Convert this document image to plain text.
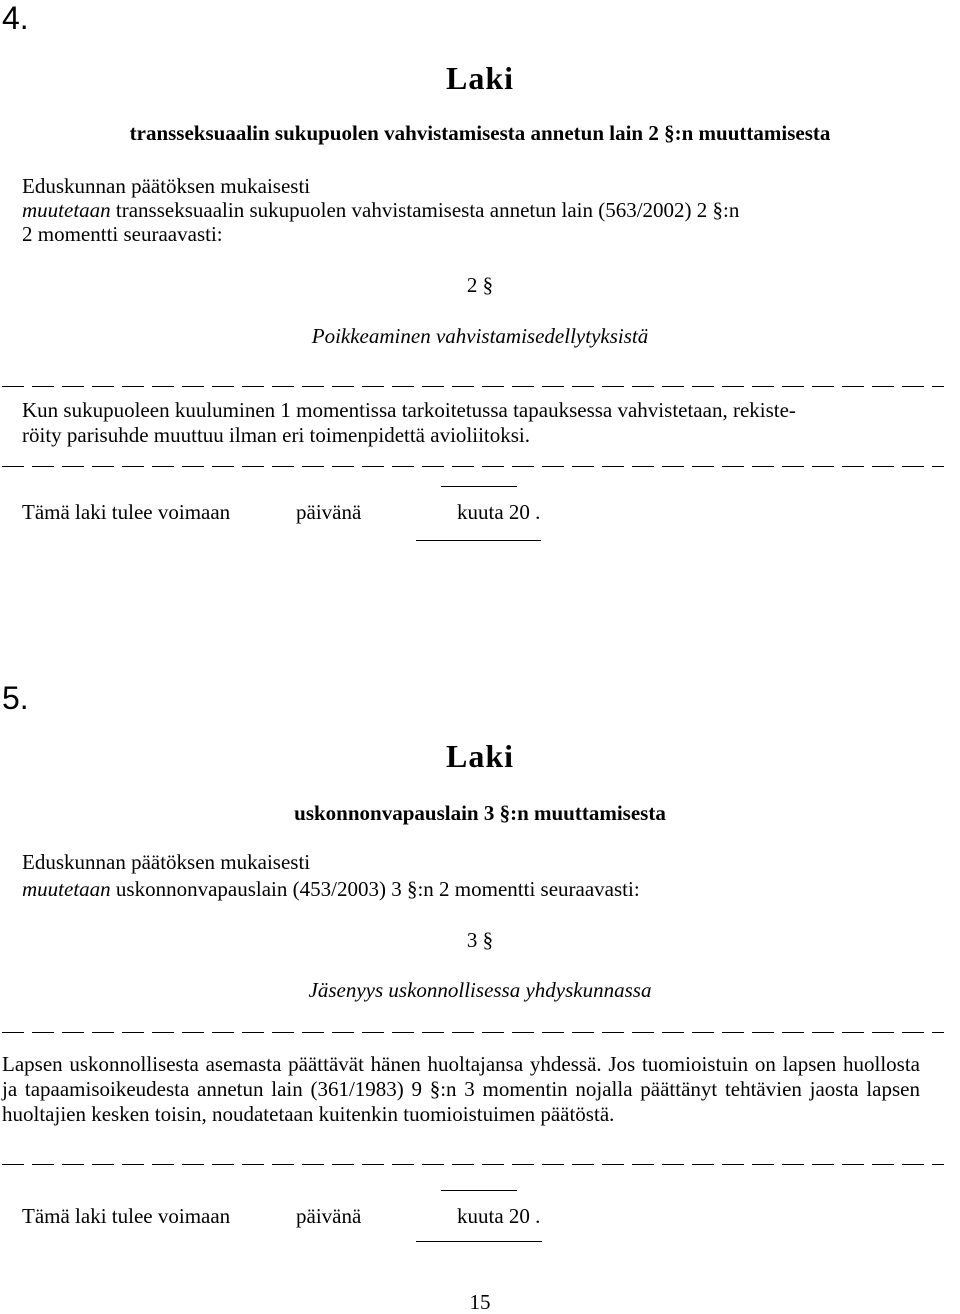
4.
Laki
transseksuaalin sukupuolen vahvistamisesta annetun lain 2 §:n muuttamisesta
Eduskunnan päätöksen mukaisesti
muutetaan transseksuaalin sukupuolen vahvistamisesta annetun lain (563/2002) 2 §:n
2 momentti seuraavasti:
2 §
Poikkeaminen vahvistamisedellytyksistä
Kun sukupuoleen kuuluminen 1 momentissa tarkoitetussa tapauksessa vahvistetaan, rekiste-
röity parisuhde muuttuu ilman eri toimenpidettä avioliitoksi.
Tämä laki tulee voimaan	päivänä	kuuta 20 .
5.
Laki
uskonnonvapauslain 3 §:n muuttamisesta
Eduskunnan päätöksen mukaisesti
muutetaan uskonnonvapauslain (453/2003) 3 §:n 2 momentti seuraavasti:
3 §
Jäsenyys uskonnollisessa yhdyskunnassa
Lapsen uskonnollisesta asemasta päättävät hänen huoltajansa yhdessä. Jos tuomioistuin on lapsen huollosta ja tapaamisoikeudesta annetun lain (361/1983) 9 §:n 3 momentin nojalla päättänyt tehtävien jaosta lapsen huoltajien kesken toisin, noudatetaan kuitenkin tuomioistuimen päätöstä.
Tämä laki tulee voimaan	päivänä	kuuta 20 .
15
